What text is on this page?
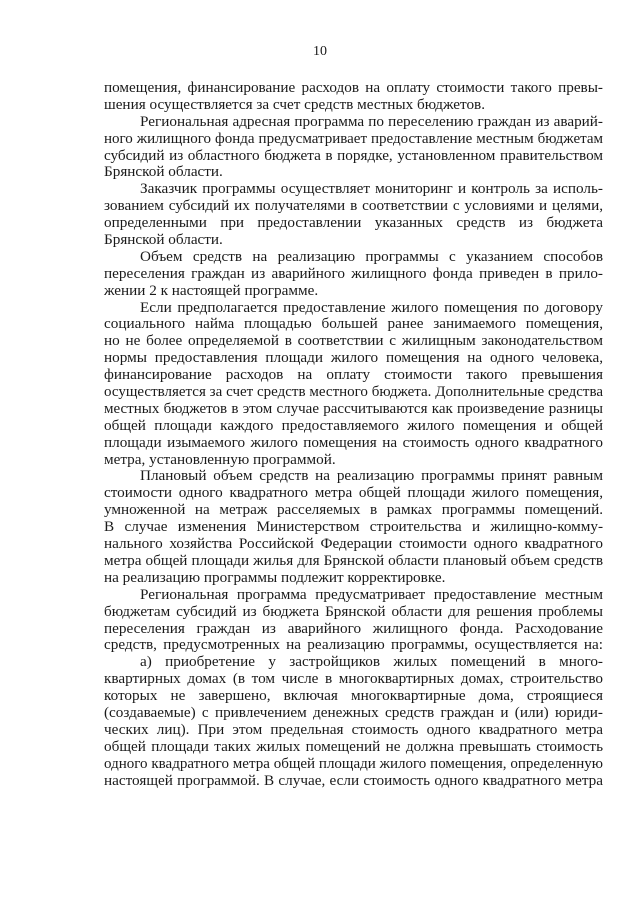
10
помещения, финансирование расходов на оплату стоимости такого превы-
шения осуществляется за счет средств местных бюджетов.
Региональная адресная программа по переселению граждан из аварий-
ного жилищного фонда предусматривает предоставление местным бюджетам
субсидий из областного бюджета в порядке, установленном правительством
Брянской области.
Заказчик программы осуществляет мониторинг и контроль за исполь-
зованием субсидий их получателями в соответствии с условиями и целями,
определенными при предоставлении указанных средств из бюджета
Брянской области.
Объем средств на реализацию программы с указанием способов
переселения граждан из аварийного жилищного фонда приведен в прило-
жении 2 к настоящей программе.
Если предполагается предоставление жилого помещения по договору
социального найма площадью большей ранее занимаемого помещения,
но не более определяемой в соответствии с жилищным законодательством
нормы предоставления площади жилого помещения на одного человека,
финансирование расходов на оплату стоимости такого превышения
осуществляется за счет средств местного бюджета. Дополнительные средства
местных бюджетов в этом случае рассчитываются как произведение разницы
общей площади каждого предоставляемого жилого помещения и общей
площади изымаемого жилого помещения на стоимость одного квадратного
метра, установленную программой.
Плановый объем средств на реализацию программы принят равным
стоимости одного квадратного метра общей площади жилого помещения,
умноженной на метраж расселяемых в рамках программы помещений.
В случае изменения Министерством строительства и жилищно-комму-
нального хозяйства Российской Федерации стоимости одного квадратного
метра общей площади жилья для Брянской области плановый объем средств
на реализацию программы подлежит корректировке.
Региональная программа предусматривает предоставление местным
бюджетам субсидий из бюджета Брянской области для решения проблемы
переселения граждан из аварийного жилищного фонда. Расходование
средств, предусмотренных на реализацию программы, осуществляется на:
а) приобретение у застройщиков жилых помещений в много-
квартирных домах (в том числе в многоквартирных домах, строительство
которых не завершено, включая многоквартирные дома, строящиеся
(создаваемые) с привлечением денежных средств граждан и (или) юриди-
ческих лиц). При этом предельная стоимость одного квадратного метра
общей площади таких жилых помещений не должна превышать стоимость
одного квадратного метра общей площади жилого помещения, определенную
настоящей программой. В случае, если стоимость одного квадратного метра
